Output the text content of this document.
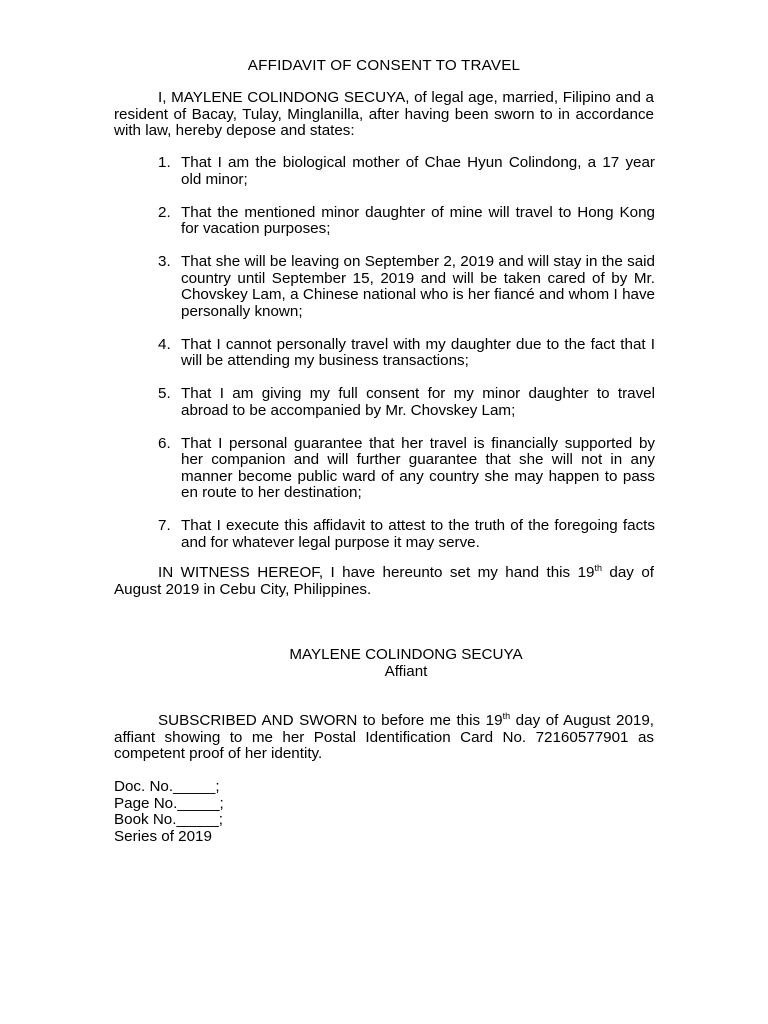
AFFIDAVIT OF CONSENT TO TRAVEL
I, MAYLENE COLINDONG SECUYA, of legal age, married, Filipino and a resident of Bacay, Tulay, Minglanilla, after having been sworn to in accordance with law, hereby depose and states:
1. That I am the biological mother of Chae Hyun Colindong, a 17 year old minor;
2. That the mentioned minor daughter of mine will travel to Hong Kong for vacation purposes;
3. That she will be leaving on September 2, 2019 and will stay in the said country until September 15, 2019 and will be taken cared of by Mr. Chovskey Lam, a Chinese national who is her fiancé and whom I have personally known;
4. That I cannot personally travel with my daughter due to the fact that I will be attending my business transactions;
5. That I am giving my full consent for my minor daughter to travel abroad to be accompanied by Mr. Chovskey Lam;
6. That I personal guarantee that her travel is financially supported by her companion and will further guarantee that she will not in any manner become public ward of any country she may happen to pass en route to her destination;
7. That I execute this affidavit to attest to the truth of the foregoing facts and for whatever legal purpose it may serve.
IN WITNESS HEREOF, I have hereunto set my hand this 19th day of August 2019 in Cebu City, Philippines.
MAYLENE COLINDONG SECUYA
Affiant
SUBSCRIBED AND SWORN to before me this 19th day of August 2019, affiant showing to me her Postal Identification Card No. 72160577901 as competent proof of her identity.
Doc. No._____;
Page No._____;
Book No._____;
Series of 2019
